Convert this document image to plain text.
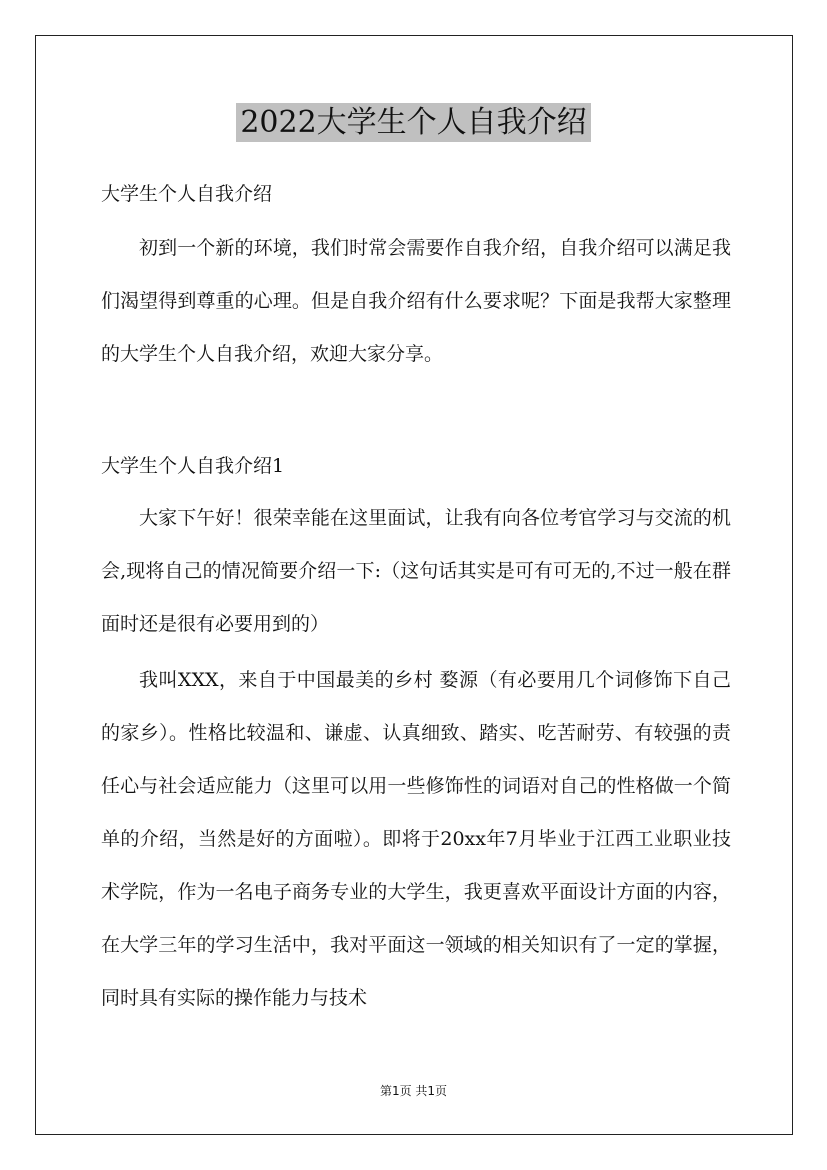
2022大学生个人自我介绍

大学生个人自我介绍

初到一个新的环境，我们时常会需要作自我介绍，自我介绍可以满足我们渴望得到尊重的心理。但是自我介绍有什么要求呢？下面是我帮大家整理的大学生个人自我介绍，欢迎大家分享。

大学生个人自我介绍1

大家下午好！很荣幸能在这里面试，让我有向各位考官学习与交流的机会,现将自己的情况简要介绍一下:（这句话其实是可有可无的,不过一般在群面时还是很有必要用到的）

我叫XXX，来自于中国最美的乡村 婺源（有必要用几个词修饰下自己的家乡）。性格比较温和、谦虚、认真细致、踏实、吃苦耐劳、有较强的责任心与社会适应能力（这里可以用一些修饰性的词语对自己的性格做一个简单的介绍，当然是好的方面啦）。即将于20xx年7月毕业于江西工业职业技术学院，作为一名电子商务专业的大学生，我更喜欢平面设计方面的内容，在大学三年的学习生活中，我对平面这一领域的相关知识有了一定的掌握，同时具有实际的操作能力与技术

第1页 共1页
